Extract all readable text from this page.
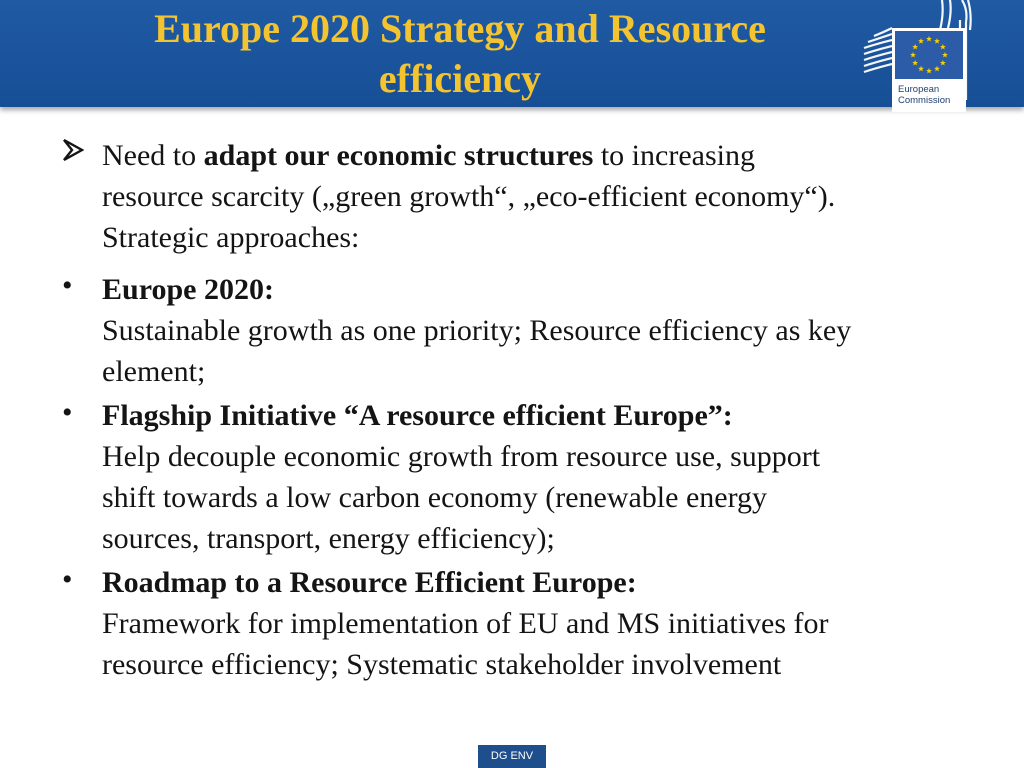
Europe 2020 Strategy and Resource
efficiency	European
Commission
Need to adapt our economic structures to increasing
resource scarcity („green growth“, „eco-efficient economy“).
Strategic approaches:
• Europe 2020:
Sustainable growth as one priority; Resource efficiency as key
element;
• Flagship Initiative “A resource efficient Europe”:
Help decouple economic growth from resource use, support
shift towards a low carbon economy (renewable energy
sources, transport, energy efficiency);
• Roadmap to a Resource Efficient Europe:
Framework for implementation of EU and MS initiatives for
resource efficiency; Systematic stakeholder involvement
DG ENV
